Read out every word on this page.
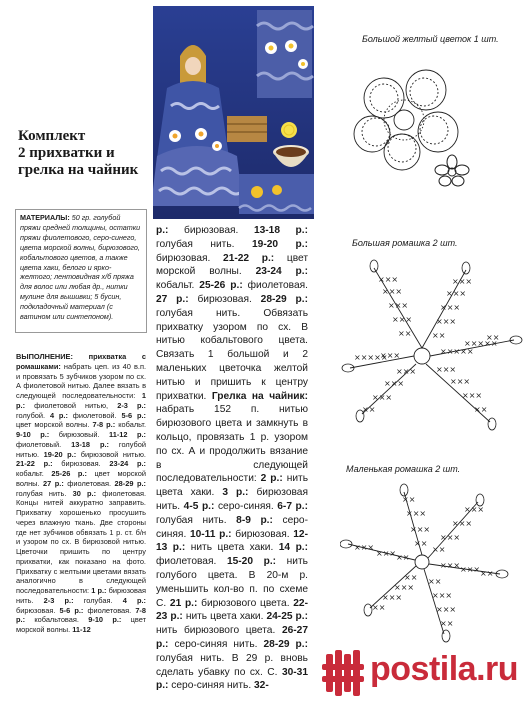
Комплект
2 прихватки и
грелка на чайник
МАТЕРИАЛЫ: 50 гр. голубой пряжи средней толщины, остатки пряжи фиолетового, серо-синего, цвета морской волны, бирюзового, кобальтового цветов, а также цвета хаки, белого и ярко-желтого; лентовидная х/б пряжа для волос или любая др., нитки мулине для вышивки; 5 бусин, подкладочный материал (с ватином или синтепоном).

ВЫПОЛНЕНИЕ: прихватка с ромашками: набрать цеп. из 40 в.п. и провязать 5 зубчиков узором по сх. А фиолетовой нитью. Далее вязать в следующей последовательности: 1 р.: фиолетовой нитью, 2-3 р.: голубой. 4 р.: фиолетовой. 5-6 р.: цвет морской волны. 7-8 р.: кобальт. 9-10 р.: бирюзовый. 11-12 р.: фиолетовый. 13-18 р.: голубой нитью. 19-20 р.: бирюзовой нитью. 21-22 р.: бирюзовая. 23-24 р.: кобальт. 25-26 р.: цвет морской волны. 27 р.: фиолетовая. 28-29 р.: голубая нить. 30 р.: фиолетовая. Концы нитей аккуратно заправить. Прихватку хорошенько просушить через влажную ткань. Две стороны где нет зубчиков обвязать 1 р. ст. б/н и узором по сх. В бирюзовой нитью. Цветочки пришить по центру прихватки, как показано на фото. Прихватку с желтыми цветами вязать аналогично в следующей последовательности: 1 р.: бирюзовая нить. 2-3 р.: голубая. 4 р.: бирюзовая. 5-6 р.: фиолетовая. 7-8 р.: кобальтовая. 9-10 р.: цвет морской волны. 11-12

р.: бирюзовая. 13-18 р.: голубая нить. 19-20 р.: бирюзовая. 21-22 р.: цвет морской волны. 23-24 р.: кобальт. 25-26 р.: фиолетовая. 27 р.: бирюзовая. 28-29 р.: голубая нить. Обвязать прихватку узором по сх. В нитью кобальтового цвета. Связать 1 большой и 2 маленьких цветочка желтой нитью и пришить к центру прихватки. Грелка на чайник: набрать 152 п. нитью бирюзового цвета и замкнуть в кольцо, провязать 1 р. узором по сх. А и продолжить вязание в следующей последовательности: 2 р.: нить цвета хаки. 3 р.: бирюзовая нить. 4-5 р.: серо-синяя. 6-7 р.: голубая нить. 8-9 р.: серо-синяя. 10-11 р.: бирюзовая. 12-13 р.: нить цвета хаки. 14 р.: фиолетовая. 15-20 р.: нить голубого цвета. В 20-м р. уменьшить кол-во п. по схеме С. 21 р.: бирюзового цвета. 22-23 р.: нить цвета хаки. 24-25 р.: нить бирюзового цвета. 26-27 р.: серо-синяя нить. 28-29 р.: голубая нить. В 29 р. вновь сделать убавку по сх. С. 30-31 р.: серо-синяя нить. 32-

Большой желтый цветок 1 шт.
Большая ромашка 2 шт.
×××
×××
×××
×××
××
×××
×××
×××
×××
××
×××××
×××××
××
×××
×××
×××
××
×××
×××
×××
××
×××××
×××
Маленькая ромашка 2 шт.
××
×××
×××
××
×××
×××
×××
××
××× ××× ××
××
×××
×××
××
××
×××
×××
××
×××
××× ××
postila.ru
